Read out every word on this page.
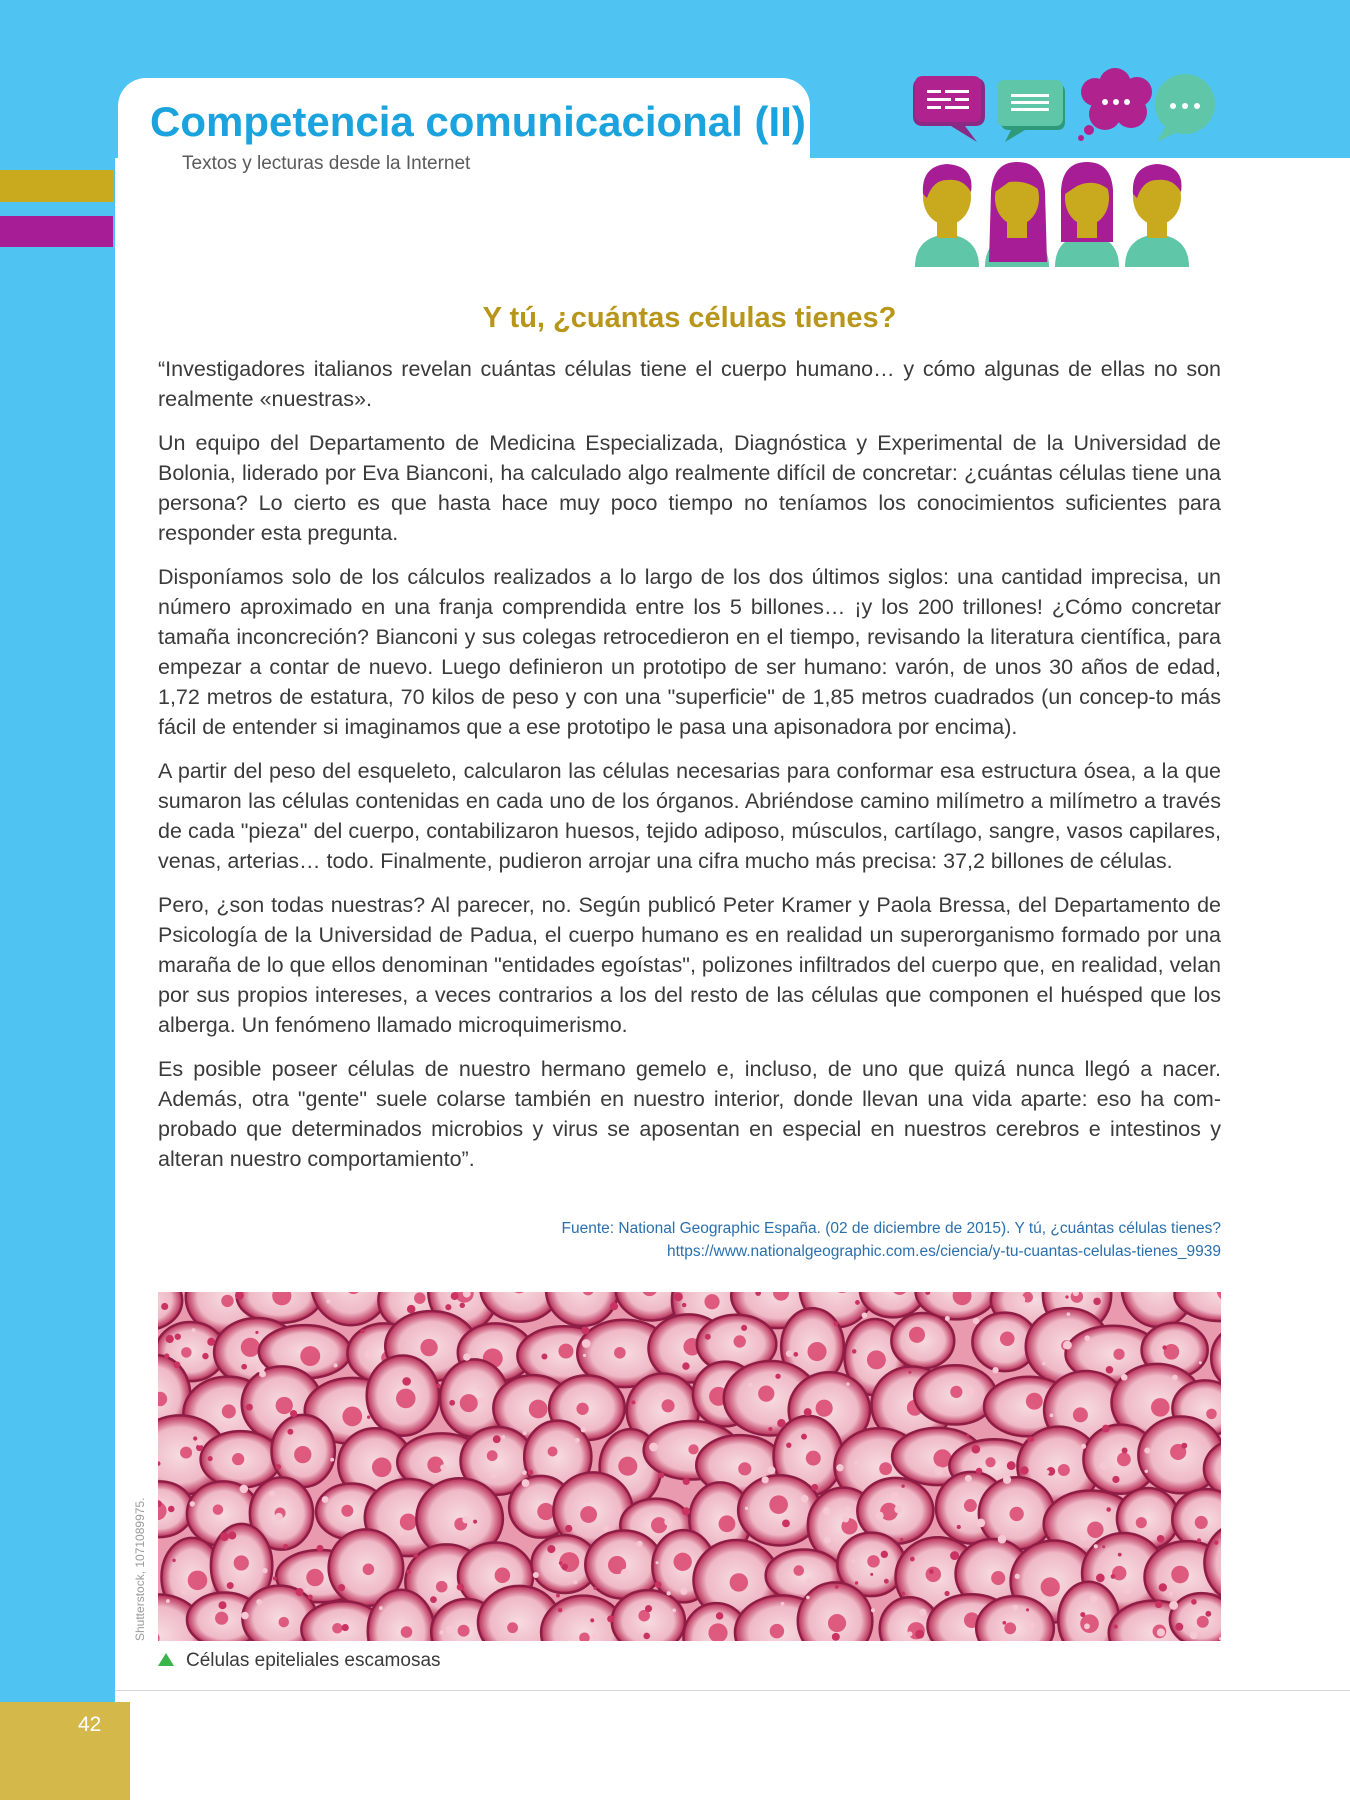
Competencia comunicacional (II)

Textos y lecturas desde la Internet

Y tú, ¿cuántas células tienes?

“Investigadores italianos revelan cuántas células tiene el cuerpo humano… y cómo algunas de ellas no son realmente «nuestras».

Un equipo del Departamento de Medicina Especializada, Diagnóstica y Experimental de la Universidad de Bolonia, liderado por Eva Bianconi, ha calculado algo realmente difícil de concretar: ¿cuántas células tiene una persona? Lo cierto es que hasta hace muy poco tiempo no teníamos los conocimientos suficientes para responder esta pregunta.

Disponíamos solo de los cálculos realizados a lo largo de los dos últimos siglos: una cantidad imprecisa, un número aproximado en una franja comprendida entre los 5 billones… ¡y los 200 trillones! ¿Cómo concretar tamaña inconcreción? Bianconi y sus colegas retrocedieron en el tiempo, revisando la literatura científica, para empezar a contar de nuevo. Luego definieron un prototipo de ser humano: varón, de unos 30 años de edad, 1,72 metros de estatura, 70 kilos de peso y con una "superficie" de 1,85 metros cuadrados (un concep-to más fácil de entender si imaginamos que a ese prototipo le pasa una apisonadora por encima).

A partir del peso del esqueleto, calcularon las células necesarias para conformar esa estructura ósea, a la que sumaron las células contenidas en cada uno de los órganos. Abriéndose camino milímetro a milímetro a través de cada "pieza" del cuerpo, contabilizaron huesos, tejido adiposo, músculos, cartílago, sangre, vasos capilares, venas, arterias… todo. Finalmente, pudieron arrojar una cifra mucho más precisa: 37,2 billones de células.

Pero, ¿son todas nuestras? Al parecer, no. Según publicó Peter Kramer y Paola Bressa, del Departamento de Psicología de la Universidad de Padua, el cuerpo humano es en realidad un superorganismo formado por una maraña de lo que ellos denominan "entidades egoístas", polizones infiltrados del cuerpo que, en realidad, velan por sus propios intereses, a veces contrarios a los del resto de las células que componen el huésped que los alberga. Un fenómeno llamado microquimerismo.

Es posible poseer células de nuestro hermano gemelo e, incluso, de uno que quizá nunca llegó a nacer. Además, otra "gente" suele colarse también en nuestro interior, donde llevan una vida aparte: eso ha com-probado que determinados microbios y virus se aposentan en especial en nuestros cerebros e intestinos y alteran nuestro comportamiento”.

Fuente: National Geographic España. (02 de diciembre de 2015). Y tú, ¿cuántas células tienes?
https://www.nationalgeographic.com.es/ciencia/y-tu-cuantas-celulas-tienes_9939
Shutterstock, 1071089975.

Células epiteliales escamosas

42
